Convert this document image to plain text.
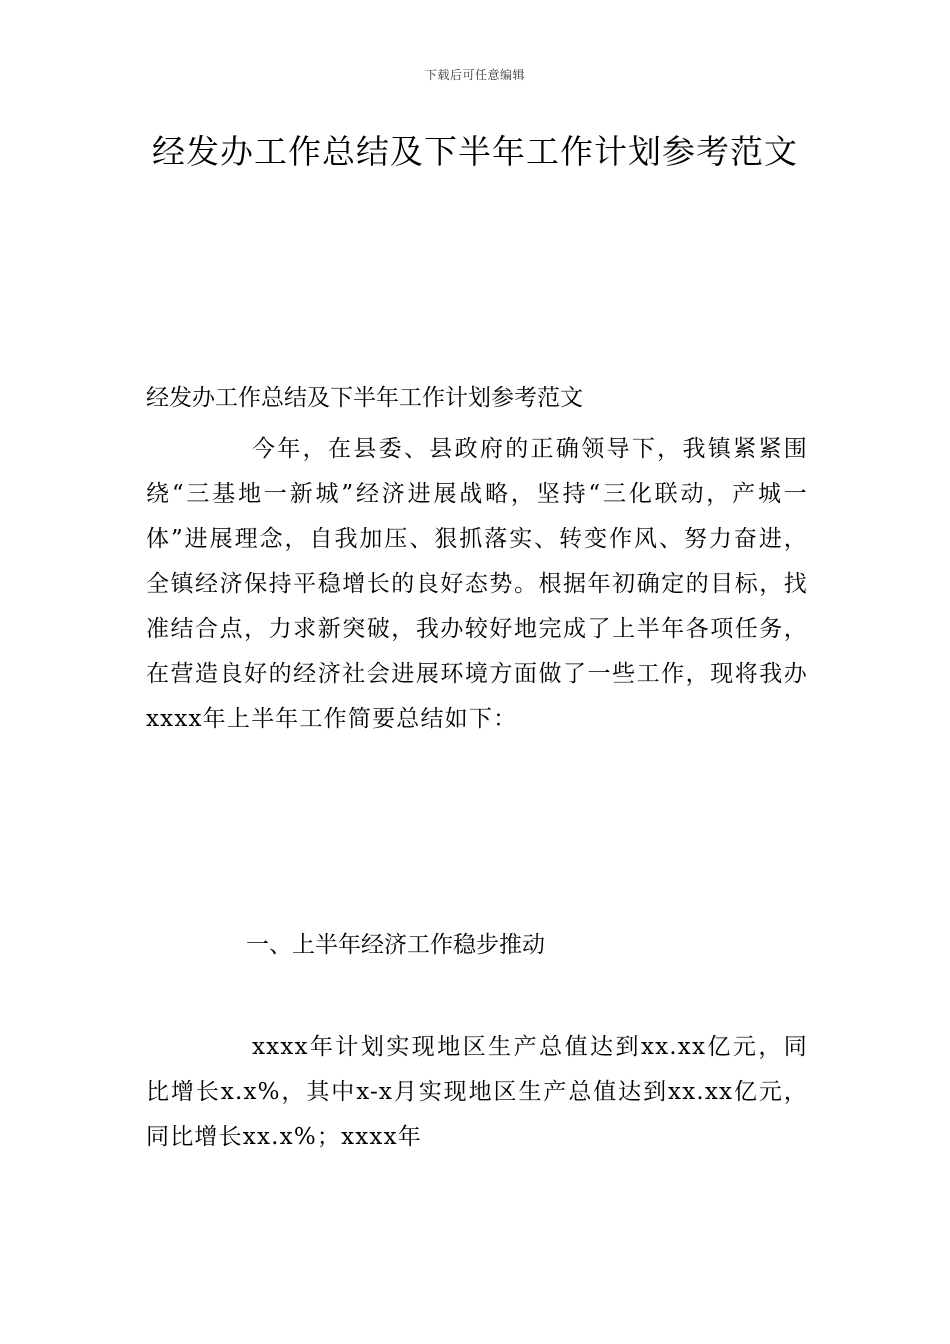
下载后可任意编辑
经发办工作总结及下半年工作计划参考范文
经发办工作总结及下半年工作计划参考范文

今年，在县委、县政府的正确领导下，我镇紧紧围绕“三基地一新城”经济进展战略，坚持“三化联动，产城一体”进展理念，自我加压、狠抓落实、转变作风、努力奋进，全镇经济保持平稳增长的良好态势。根据年初确定的目标，找准结合点，力求新突破，我办较好地完成了上半年各项任务，在营造良好的经济社会进展环境方面做了一些工作，现将我办xxxx年上半年工作简要总结如下：

一、上半年经济工作稳步推动

xxxx年计划实现地区生产总值达到xx.xx亿元，同比增长x.x%，其中x-x月实现地区生产总值达到xx.xx亿元，同比增长xx.x%；xxxx年
